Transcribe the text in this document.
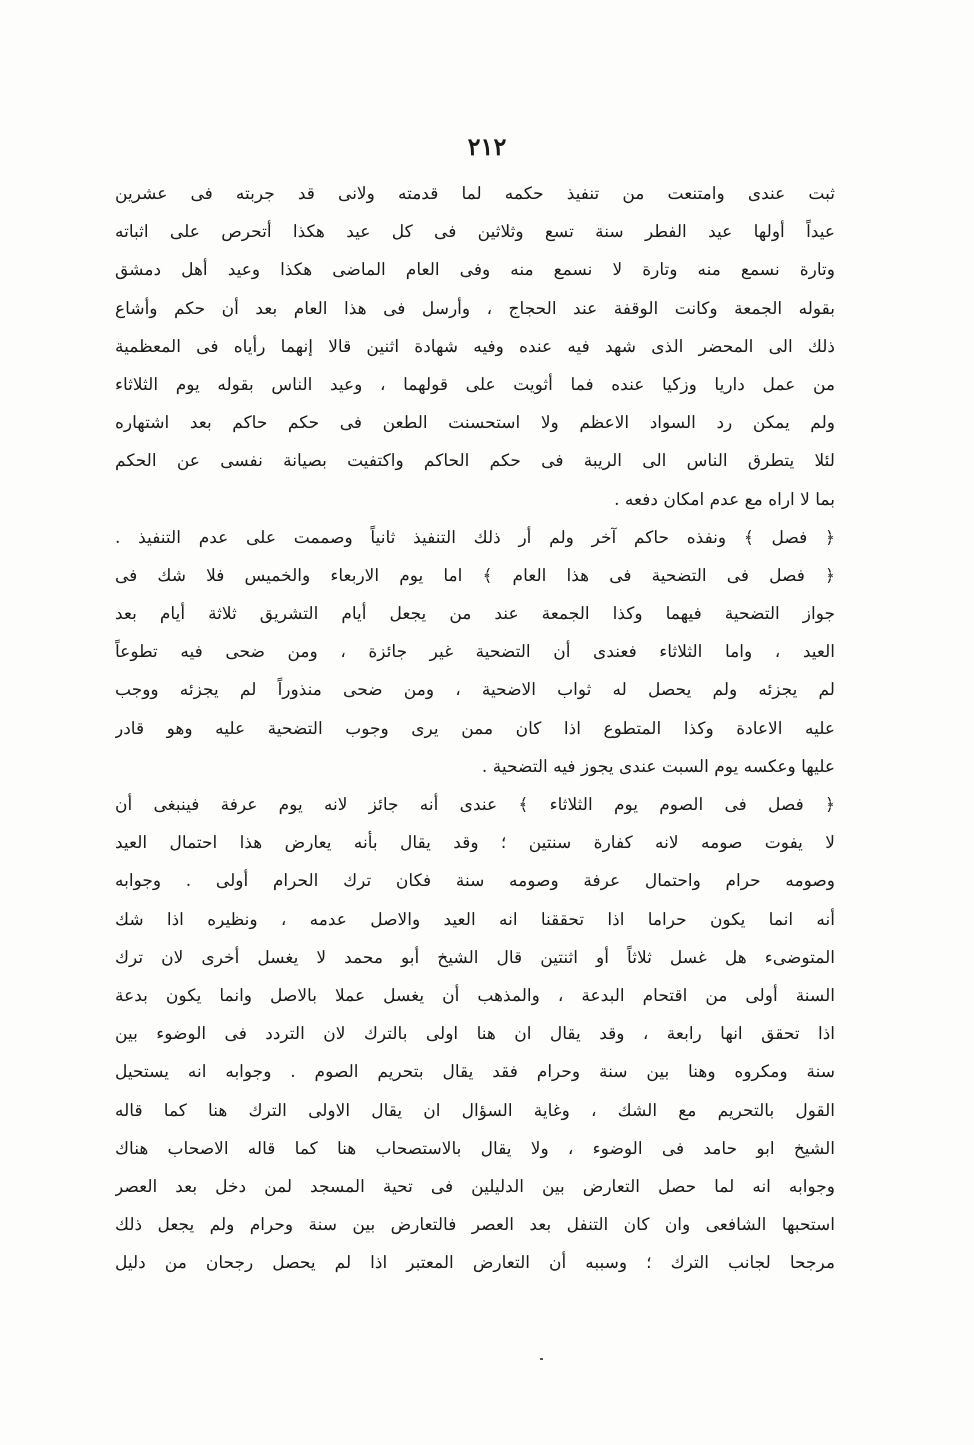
٢١٢
ثبت عندى وامتنعت من تنفيذ حكمه لما قدمته ولانى قد جربته فى عشرين
عيداً أولها عيد الفطر سنة تسع وثلاثين فى كل عيد هكذا أتحرص على اثباته
وتارة نسمع منه وتارة لا نسمع منه وفى العام الماضى هكذا وعيد أهل دمشق
بقوله الجمعة وكانت الوقفة عند الحجاج ، وأرسل فى هذا العام بعد أن حكم وأشاع
ذلك الى المحضر الذى شهد فيه عنده وفيه شهادة اثنين قالا إنهما رأياه فى المعظمية
من عمل داريا وزكيا عنده فما أثويت على قولهما ، وعيد الناس بقوله يوم الثلاثاء
ولم يمكن رد السواد الاعظم ولا استحسنت الطعن فى حكم حاكم بعد اشتهاره
لئلا يتطرق الناس الى الريبة فى حكم الحاكم واكتفيت بصيانة نفسى عن الحكم
بما لا اراه مع عدم امكان دفعه .
﴿ فصل ﴾ ونفذه حاكم آخر ولم أر ذلك التنفيذ ثانياً وصممت على عدم التنفيذ .
﴿ فصل فى التضحية فى هذا العام ﴾ اما يوم الاربعاء والخميس فلا شك فى
جواز التضحية فيهما وكذا الجمعة عند من يجعل أيام التشريق ثلاثة أيام بعد
العيد ، واما الثلاثاء فعندى أن التضحية غير جائزة ، ومن ضحى فيه تطوعاً
لم يجزئه ولم يحصل له ثواب الاضحية ، ومن ضحى منذوراً لم يجزئه ووجب
عليه الاعادة وكذا المتطوع اذا كان ممن يرى وجوب التضحية عليه وهو قادر
عليها وعكسه يوم السبت عندى يجوز فيه التضحية .
﴿ فصل فى الصوم يوم الثلاثاء ﴾ عندى أنه جائز لانه يوم عرفة فينبغى أن
لا يفوت صومه لانه كفارة سنتين ؛ وقد يقال بأنه يعارض هذا احتمال العيد
وصومه حرام واحتمال عرفة وصومه سنة فكان ترك الحرام أولى . وجوابه
أنه انما يكون حراما اذا تحققنا انه العيد والاصل عدمه ، ونظيره اذا شك
المتوضىء هل غسل ثلاثاً أو اثنتين قال الشيخ أبو محمد لا يغسل أخرى لان ترك
السنة أولى من اقتحام البدعة ، والمذهب أن يغسل عملا بالاصل وانما يكون بدعة
اذا تحقق انها رابعة ، وقد يقال ان هنا اولى بالترك لان التردد فى الوضوء بين
سنة ومكروه وهنا بين سنة وحرام فقد يقال بتحريم الصوم . وجوابه انه يستحيل
القول بالتحريم مع الشك ، وغاية السؤال ان يقال الاولى الترك هنا كما قاله
الشيخ ابو حامد فى الوضوء ، ولا يقال بالاستصحاب هنا كما قاله الاصحاب هناك
وجوابه انه لما حصل التعارض بين الدليلين فى تحية المسجد لمن دخل بعد العصر
استحبها الشافعى وان كان التنفل بعد العصر فالتعارض بين سنة وحرام ولم يجعل ذلك
مرجحا لجانب الترك ؛ وسببه أن التعارض المعتبر اذا لم يحصل رجحان من دليل
